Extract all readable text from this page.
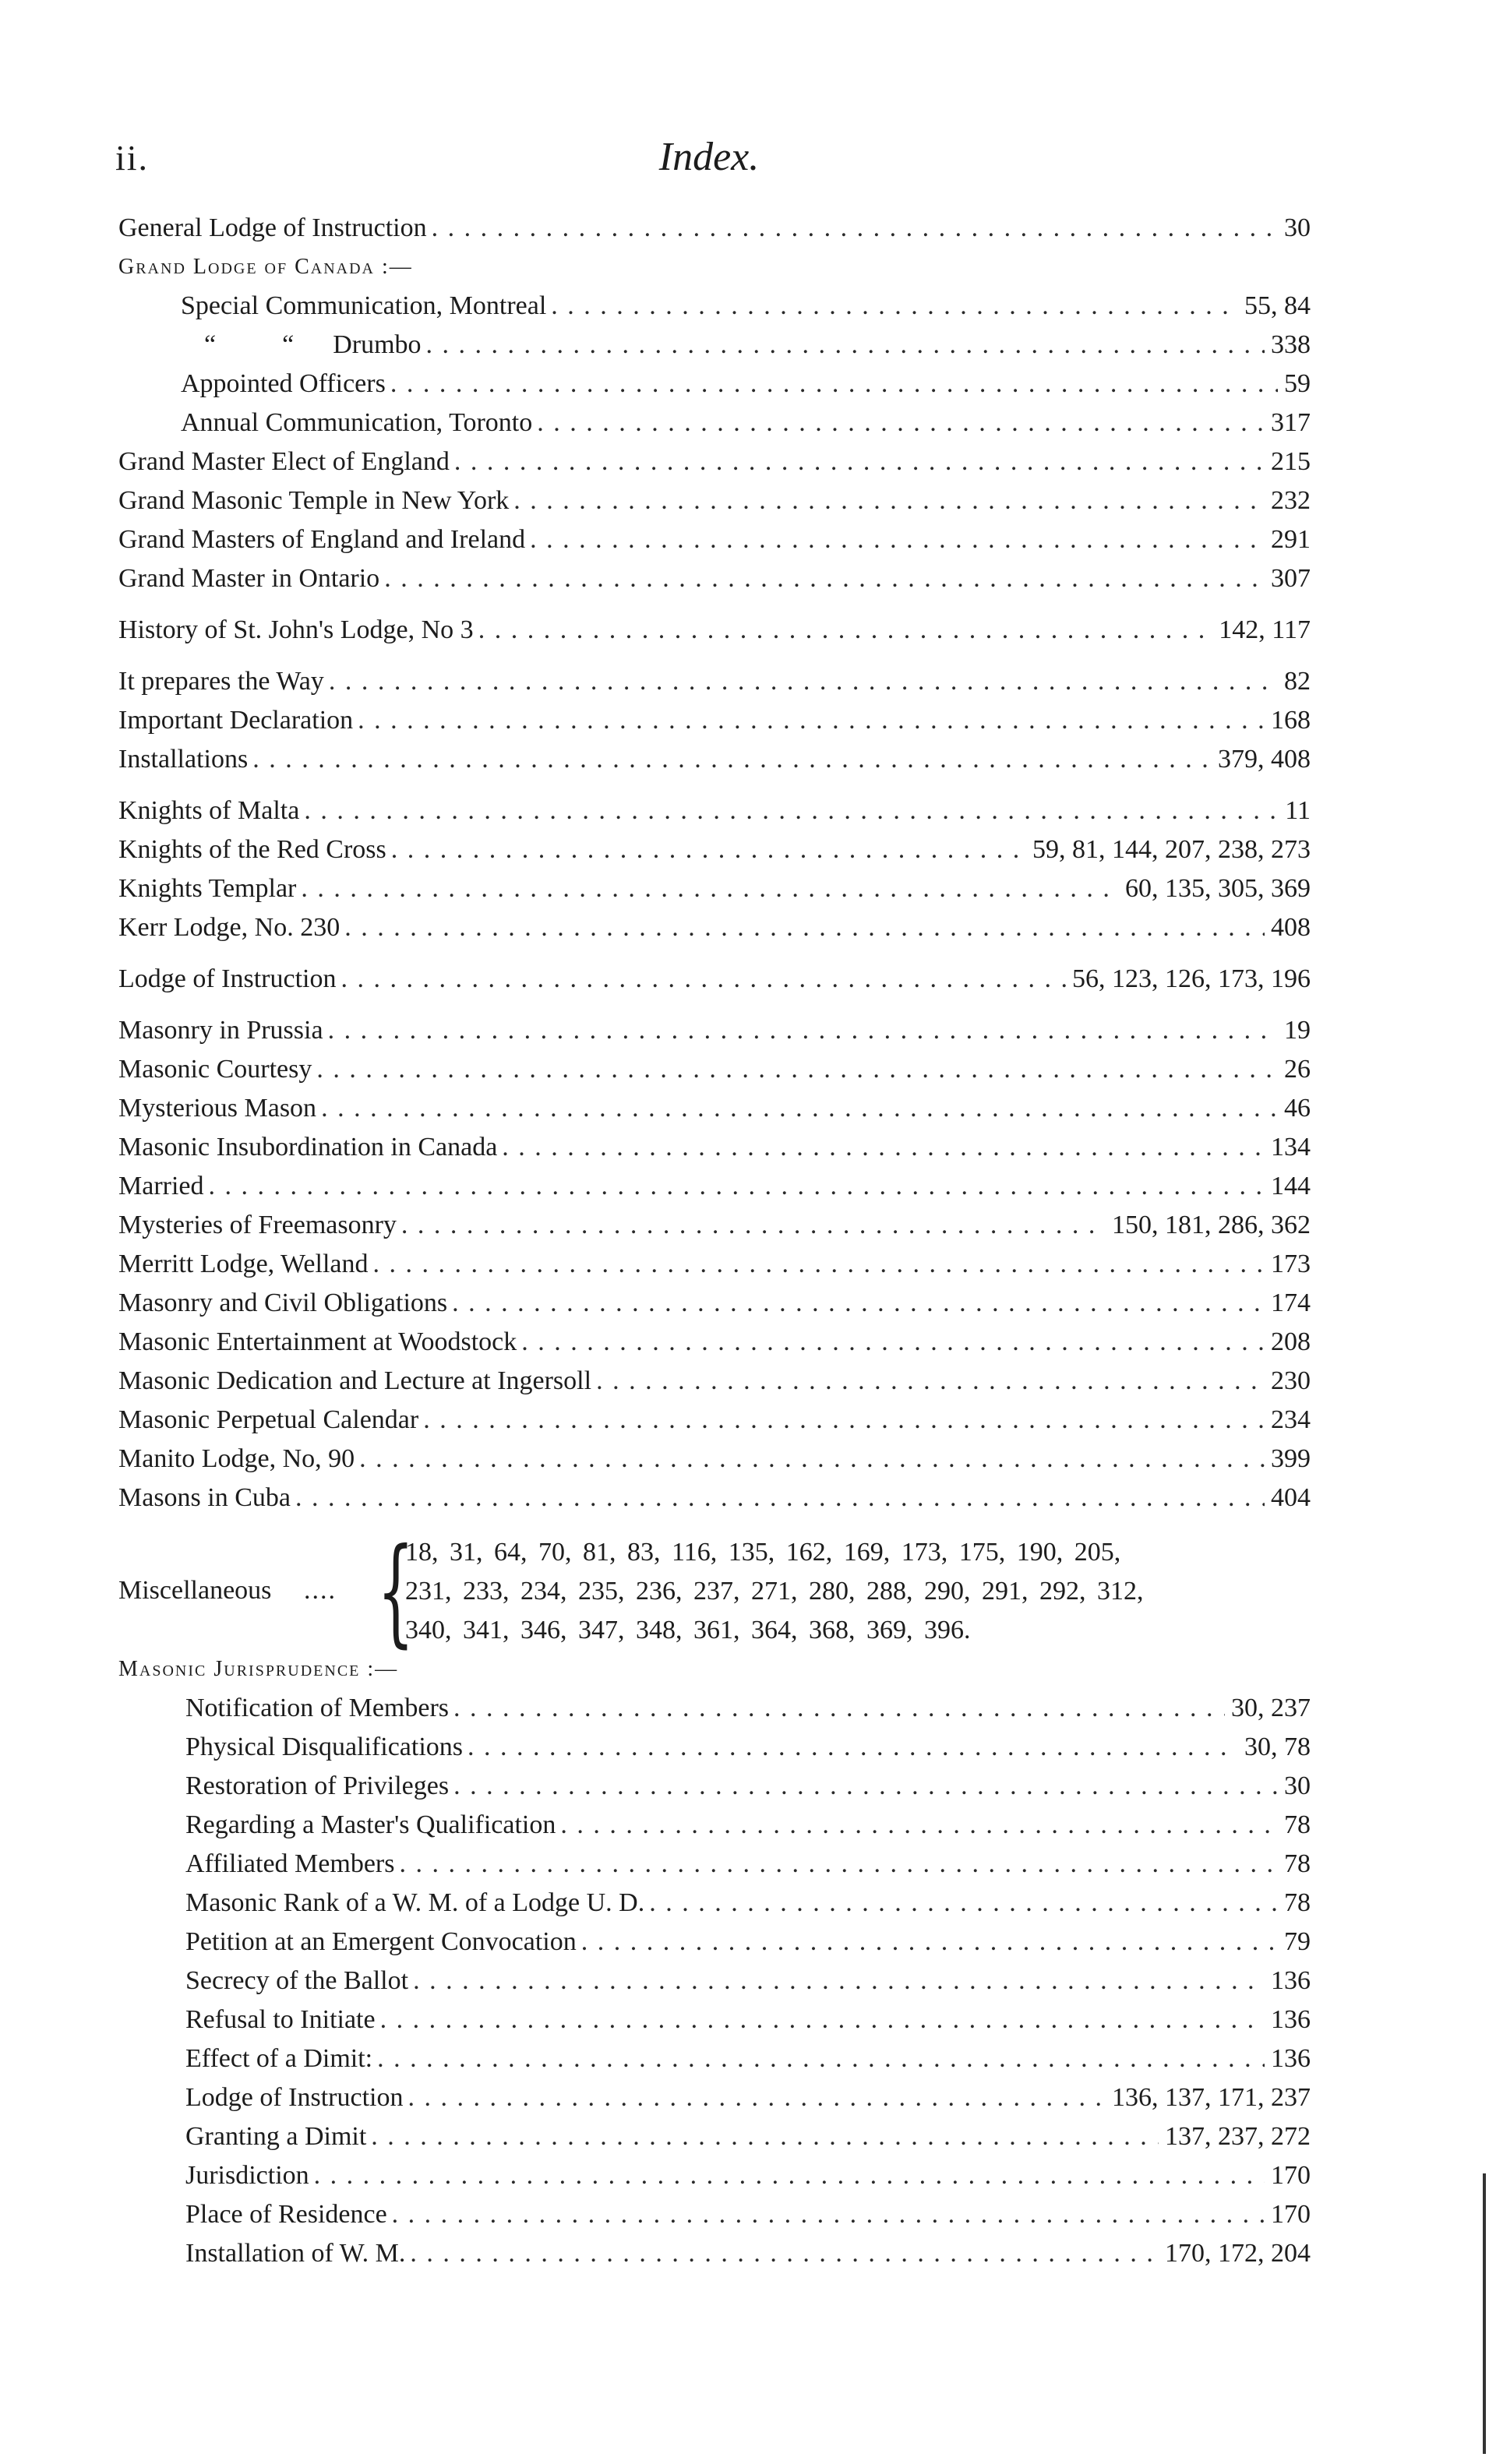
ii.	Index.
General Lodge of Instruction . . .	30
Grand Lodge of Canada :—
Special Communication, Montreal . . .	55, 84
“          “	Drumbo . . .	338
Appointed Officers . . .	59
Annual Communication, Toronto . . .	317
Grand Master Elect of England . . .	215
Grand Masonic Temple in New York . . .	232
Grand Masters of England and Ireland . . .	291
Grand Master in Ontario . . .	307
History of St. John's Lodge, No 3 . . .	142, 117
It prepares the Way . . .	82
Important Declaration . . .	168
Installations . . .	379, 408
Knights of Malta . . .	11
Knights of the Red Cross . . .	59, 81, 144, 207, 238, 273
Knights Templar . . .	60, 135, 305, 369
Kerr Lodge, No. 230 . . .	408
Lodge of Instruction . . .	56, 123, 126, 173, 196
Masonry in Prussia . . .	19
Masonic Courtesy . . .	26
Mysterious Mason . . .	46
Masonic Insubordination in Canada . . .	134
Married . . .	144
Mysteries of Freemasonry . . .	150, 181, 286, 362
Merritt Lodge, Welland . . .	173
Masonry and Civil Obligations . . .	174
Masonic Entertainment at Woodstock . . .	208
Masonic Dedication and Lecture at Ingersoll . . .	230
Masonic Perpetual Calendar . . .	234
Manito Lodge, No, 90 . . .	399
Masons in Cuba . . .	404
Miscellaneous .... {
18, 31, 64, 70, 81, 83, 116, 135, 162, 169, 173, 175, 190, 205,
231, 233, 234, 235, 236, 237, 271, 280, 288, 290, 291, 292, 312,
340, 341, 346, 347, 348, 361, 364, 368, 369, 396.
Masonic Jurisprudence :—
Notification of Members . . .	30, 237
Physical Disqualifications . . .	30, 78
Restoration of Privileges . . .	30
Regarding a Master's Qualification . . .	78
Affiliated Members . . .	78
Masonic Rank of a W. M. of a Lodge U. D. . . .	78
Petition at an Emergent Convocation . . .	79
Secrecy of the Ballot . . .	136
Refusal to Initiate . . .	136
Effect of a Dimit: . . .	136
Lodge of Instruction . . .	136, 137, 171, 237
Granting a Dimit . . .	137, 237, 272
Jurisdiction . . .	170
Place of Residence . . .	170
Installation of W. M. . . .	170, 172, 204
